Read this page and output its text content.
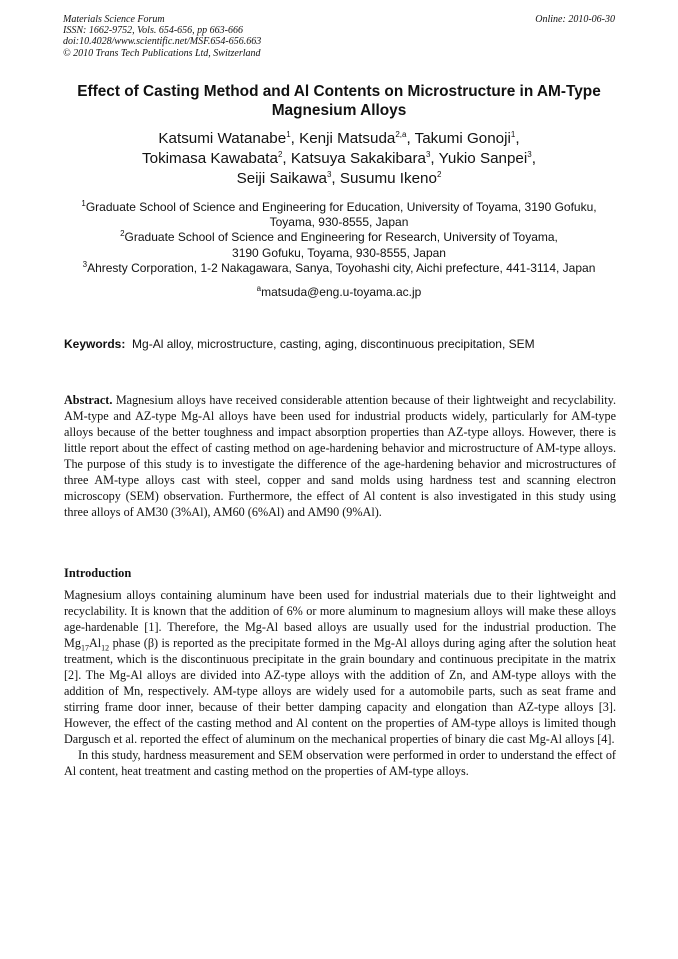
Materials Science Forum
ISSN: 1662-9752, Vols. 654-656, pp 663-666
doi:10.4028/www.scientific.net/MSF.654-656.663
© 2010 Trans Tech Publications Ltd, Switzerland
Online: 2010-06-30
Effect of Casting Method and Al Contents on Microstructure in AM-Type Magnesium Alloys
Katsumi Watanabe$^1$, Kenji Matsuda$^{2,a}$, Takumi Gonoji$^1$,
Tokimasa Kawabata$^2$, Katsuya Sakakibara$^3$, Yukio Sanpei$^3$,
Seiji Saikawa$^3$, Susumu Ikeno$^2$
$^1$Graduate School of Science and Engineering for Education, University of Toyama, 3190 Gofuku,
Toyama, 930-8555, Japan
$^2$Graduate School of Science and Engineering for Research, University of Toyama,
3190 Gofuku, Toyama, 930-8555, Japan
$^3$Ahresty Corporation, 1-2 Nakagawara, Sanya, Toyohashi city, Aichi prefecture, 441-3114, Japan
$^a$matsuda@eng.u-toyama.ac.jp
Keywords: Mg-Al alloy, microstructure, casting, aging, discontinuous precipitation, SEM
Abstract. Magnesium alloys have received considerable attention because of their lightweight and recyclability. AM-type and AZ-type Mg-Al alloys have been used for industrial products widely, particularly for AM-type alloys because of the better toughness and impact absorption properties than AZ-type alloys. However, there is little report about the effect of casting method on age-hardening behavior and microstructure of AM-type alloys. The purpose of this study is to investigate the difference of the age-hardening behavior and microstructures of three AM-type alloys cast with steel, copper and sand molds using hardness test and scanning electron microscopy (SEM) observation. Furthermore, the effect of Al content is also investigated in this study using three alloys of AM30 (3%Al), AM60 (6%Al) and AM90 (9%Al).
Introduction

Magnesium alloys containing aluminum have been used for industrial materials due to their lightweight and recyclability. It is known that the addition of 6% or more aluminum to magnesium alloys will make these alloys age-hardenable [1]. Therefore, the Mg-Al based alloys are usually used for the industrial production. The $Mg_{17}Al_{12}$ phase (β) is reported as the precipitate formed in the Mg-Al alloys during aging after the solution heat treatment, which is the discontinuous precipitate in the grain boundary and continuous precipitate in the matrix [2]. The Mg-Al alloys are divided into AZ-type alloys with the addition of Zn, and AM-type alloys with the addition of Mn, respectively. AM-type alloys are widely used for a automobile parts, such as seat frame and stirring frame door inner, because of their better damping capacity and elongation than AZ-type alloys [3]. However, the effect of the casting method and Al content on the properties of AM-type alloys is limited though Dargusch et al. reported the effect of aluminum on the mechanical properties of binary die cast Mg-Al alloys [4].

In this study, hardness measurement and SEM observation were performed in order to understand the effect of Al content, heat treatment and casting method on the properties of AM-type alloys.
